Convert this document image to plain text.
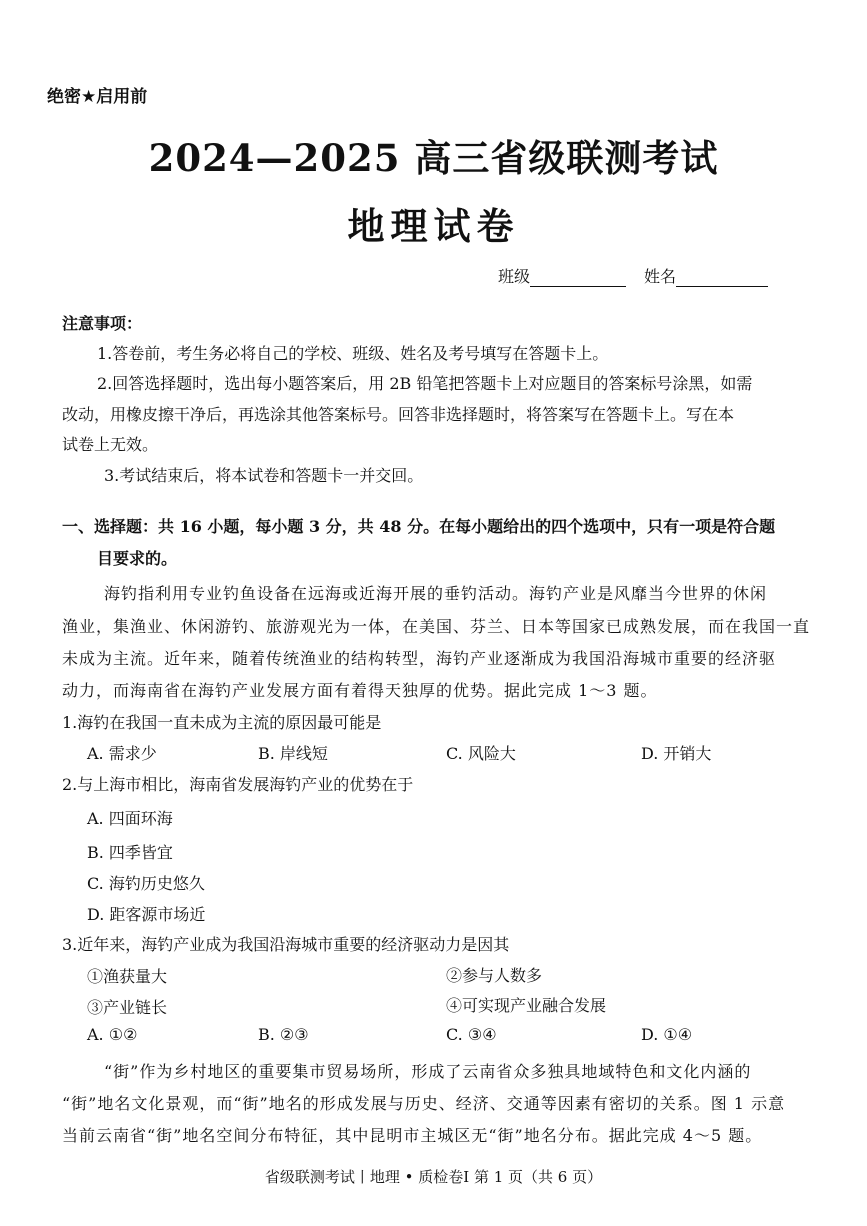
绝密★启用前
2024—2025 高三省级联测考试
地理试卷
班级	姓名
注意事项：
1.答卷前，考生务必将自己的学校、班级、姓名及考号填写在答题卡上。
2.回答选择题时，选出每小题答案后，用 2B 铅笔把答题卡上对应题目的答案标号涂黑，如需
改动，用橡皮擦干净后，再选涂其他答案标号。回答非选择题时，将答案写在答题卡上。写在本
试卷上无效。
3.考试结束后，将本试卷和答题卡一并交回。
一、选择题：共 16 小题，每小题 3 分，共 48 分。在每小题给出的四个选项中，只有一项是符合题
目要求的。
海钓指利用专业钓鱼设备在远海或近海开展的垂钓活动。海钓产业是风靡当今世界的休闲
渔业，集渔业、休闲游钓、旅游观光为一体，在美国、芬兰、日本等国家已成熟发展，而在我国一直
未成为主流。近年来，随着传统渔业的结构转型，海钓产业逐渐成为我国沿海城市重要的经济驱
动力，而海南省在海钓产业发展方面有着得天独厚的优势。据此完成 1～3 题。
1.海钓在我国一直未成为主流的原因最可能是
A. 需求少	B. 岸线短	C. 风险大	D. 开销大
2.与上海市相比，海南省发展海钓产业的优势在于
A. 四面环海
B. 四季皆宜
C. 海钓历史悠久
D. 距客源市场近
3.近年来，海钓产业成为我国沿海城市重要的经济驱动力是因其
①渔获量大	②参与人数多
③产业链长	④可实现产业融合发展
A. ①②	B. ②③	C. ③④	D. ①④
“街”作为乡村地区的重要集市贸易场所，形成了云南省众多独具地域特色和文化内涵的
“街”地名文化景观，而“街”地名的形成发展与历史、经济、交通等因素有密切的关系。图 1 示意
当前云南省“街”地名空间分布特征，其中昆明市主城区无“街”地名分布。据此完成 4～5 题。
省级联测考试丨地理 • 质检卷Ⅰ 第 1 页（共 6 页）
